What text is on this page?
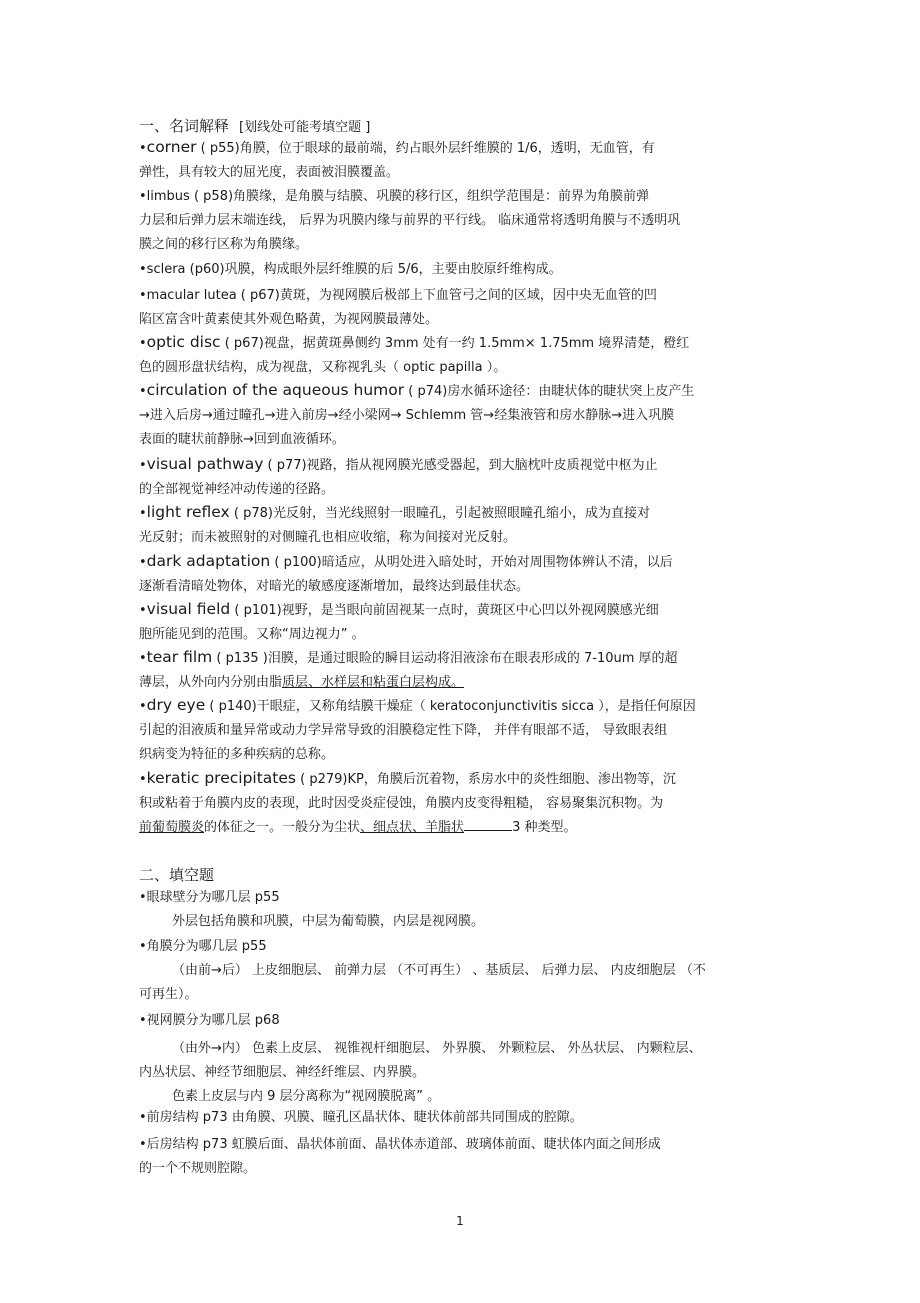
一、名词解释 [划线处可能考填空题 ]

•corner ( p55)角膜，位于眼球的最前端，约占眼外层纤维膜的 1/6，透明，无血管，有

弹性，具有较大的屈光度，表面被泪膜覆盖。

•limbus ( p58)角膜缘，是角膜与结膜、巩膜的移行区，组织学范围是：前界为角膜前弹

力层和后弹力层末端连线， 后界为巩膜内缘与前界的平行线。 临床通常将透明角膜与不透明巩

膜之间的移行区称为角膜缘。

•sclera (p60)巩膜，构成眼外层纤维膜的后 5/6，主要由胶原纤维构成。

•macular lutea ( p67)黄斑，为视网膜后极部上下血管弓之间的区域，因中央无血管的凹

陷区富含叶黄素使其外观色略黄，为视网膜最薄处。

•optic disc ( p67)视盘，据黄斑鼻侧约 3mm 处有一约 1.5mm× 1.75mm 境界清楚，橙红

色的圆形盘状结构，成为视盘，又称视乳头（ optic papilla ）。

•circulation of the aqueous humor ( p74)房水循环途径：由睫状体的睫状突上皮产生

→进入后房→通过瞳孔→进入前房→经小梁网→ Schlemm 管→经集液管和房水静脉→进入巩膜

表面的睫状前静脉→回到血液循环。

•visual pathway ( p77)视路，指从视网膜光感受器起，到大脑枕叶皮质视觉中枢为止

的全部视觉神经冲动传递的径路。

•light reflex ( p78)光反射，当光线照射一眼瞳孔，引起被照眼瞳孔缩小，成为直接对

光反射；而未被照射的对侧瞳孔也相应收缩，称为间接对光反射。

•dark adaptation ( p100)暗适应，从明处进入暗处时，开始对周围物体辨认不清，以后

逐渐看清暗处物体，对暗光的敏感度逐渐增加，最终达到最佳状态。

•visual field ( p101)视野，是当眼向前固视某一点时，黄斑区中心凹以外视网膜感光细

胞所能见到的范围。又称“周边视力” 。

•tear film ( p135 )泪膜，是通过眼睑的瞬目运动将泪液涂布在眼表形成的 7-10um 厚的超

薄层，从外向内分别由脂质层、水样层和粘蛋白层构成。

•dry eye ( p140)干眼症，又称角结膜干燥症（ keratoconjunctivitis sicca ），是指任何原因

引起的泪液质和量异常或动力学异常导致的泪膜稳定性下降， 并伴有眼部不适， 导致眼表组

织病变为特征的多种疾病的总称。

•keratic precipitates ( p279)KP，角膜后沉着物，系房水中的炎性细胞、渗出物等，沉

积或粘着于角膜内皮的表现，此时因受炎症侵蚀，角膜内皮变得粗糙， 容易聚集沉积物。为

前葡萄膜炎的体征之一。一般分为尘状、细点状、羊脂状	3 种类型。

二、填空题

•眼球壁分为哪几层 p55

外层包括角膜和巩膜，中层为葡萄膜，内层是视网膜。

•角膜分为哪几层 p55

（由前→后） 上皮细胞层、 前弹力层 （不可再生） 、基质层、 后弹力层、 内皮细胞层 （不

可再生）。

•视网膜分为哪几层 p68

（由外→内） 色素上皮层、 视锥视杆细胞层、 外界膜、 外颗粒层、 外丛状层、 内颗粒层、

内丛状层、神经节细胞层、神经纤维层、内界膜。

色素上皮层与内 9 层分离称为“视网膜脱离” 。

•前房结构 p73 由角膜、巩膜、瞳孔区晶状体、睫状体前部共同围成的腔隙。

•后房结构 p73 虹膜后面、晶状体前面、晶状体赤道部、玻璃体前面、睫状体内面之间形成

的一个不规则腔隙。

1
